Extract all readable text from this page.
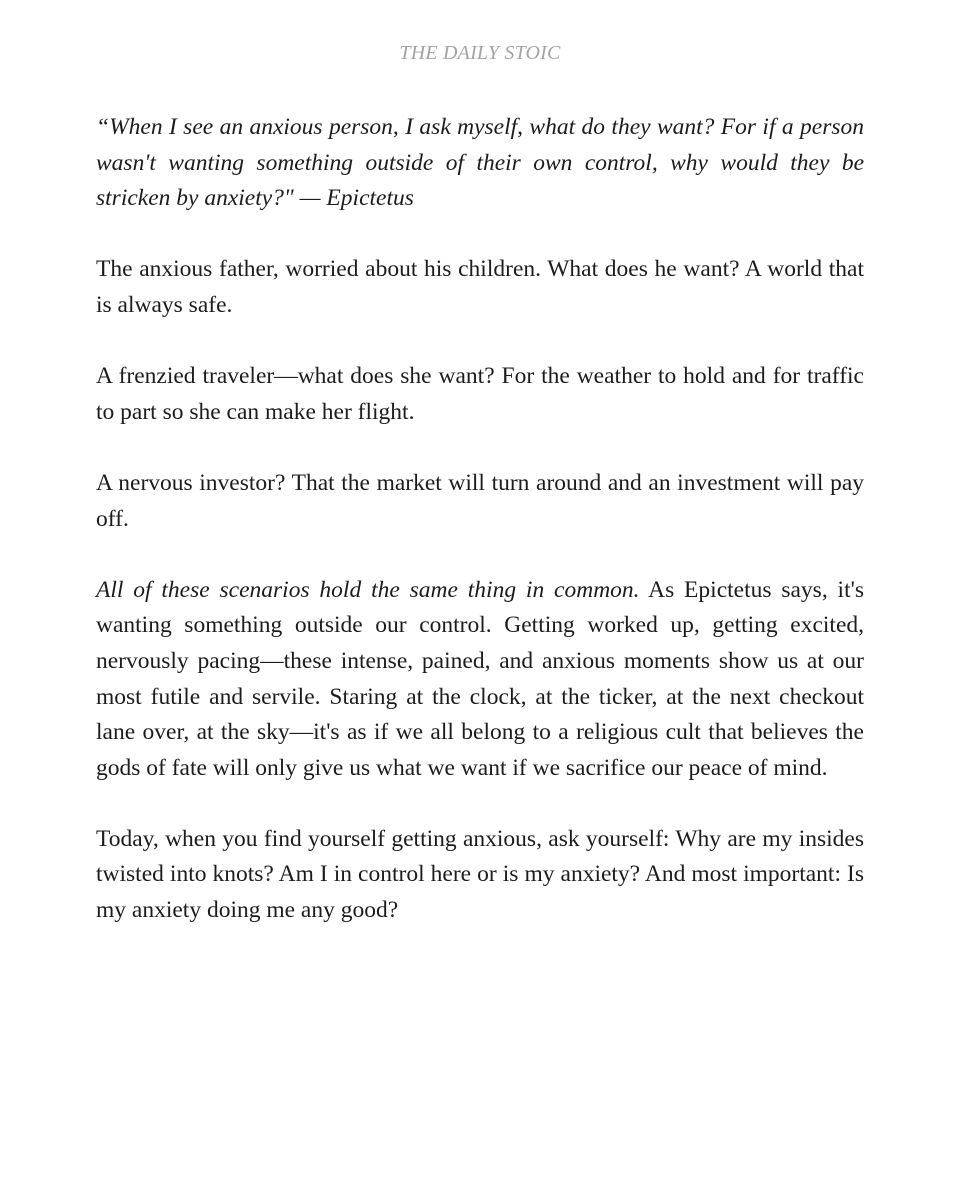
THE DAILY STOIC

“When I see an anxious person, I ask myself, what do they want? For if a person wasn't wanting something outside of their own control, why would they be stricken by anxiety?" — Epictetus

The anxious father, worried about his children. What does he want? A world that is always safe.

A frenzied traveler—what does she want? For the weather to hold and for traffic to part so she can make her flight.

A nervous investor? That the market will turn around and an investment will pay off.

All of these scenarios hold the same thing in common. As Epictetus says, it's wanting something outside our control. Getting worked up, getting excited, nervously pacing—these intense, pained, and anxious moments show us at our most futile and servile. Staring at the clock, at the ticker, at the next checkout lane over, at the sky—it's as if we all belong to a religious cult that believes the gods of fate will only give us what we want if we sacrifice our peace of mind.

Today, when you find yourself getting anxious, ask yourself: Why are my insides twisted into knots? Am I in control here or is my anxiety? And most important: Is my anxiety doing me any good?
